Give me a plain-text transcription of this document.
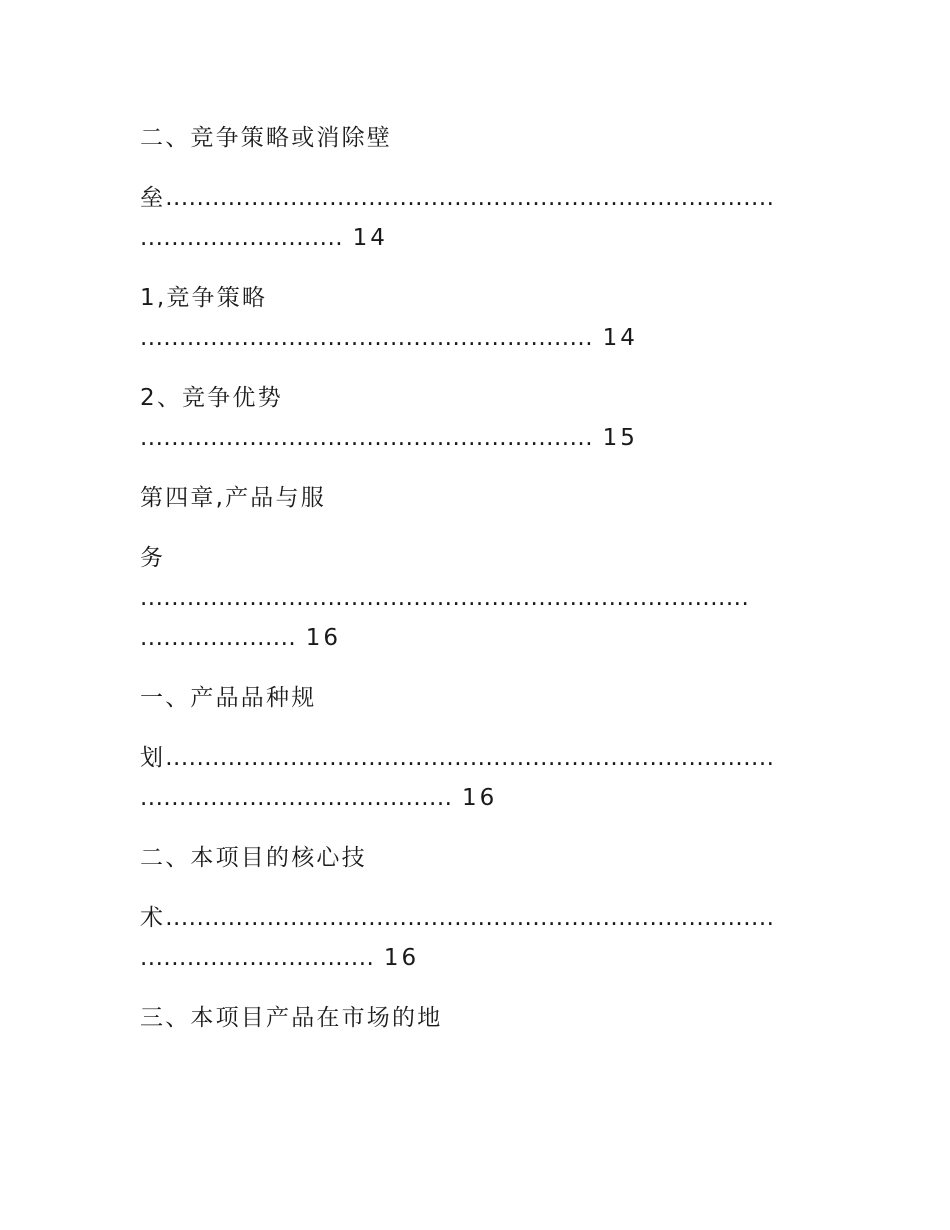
二、竞争策略或消除壁
垒..............................................................................
.......................... 14
1,竞争策略
.......................................................... 14
2、竞争优势
.......................................................... 15
第四章,产品与服
务
..............................................................................
.................... 16
一、产品品种规
划..............................................................................
........................................ 16
二、本项目的核心技
术..............................................................................
.............................. 16
三、本项目产品在市场的地
